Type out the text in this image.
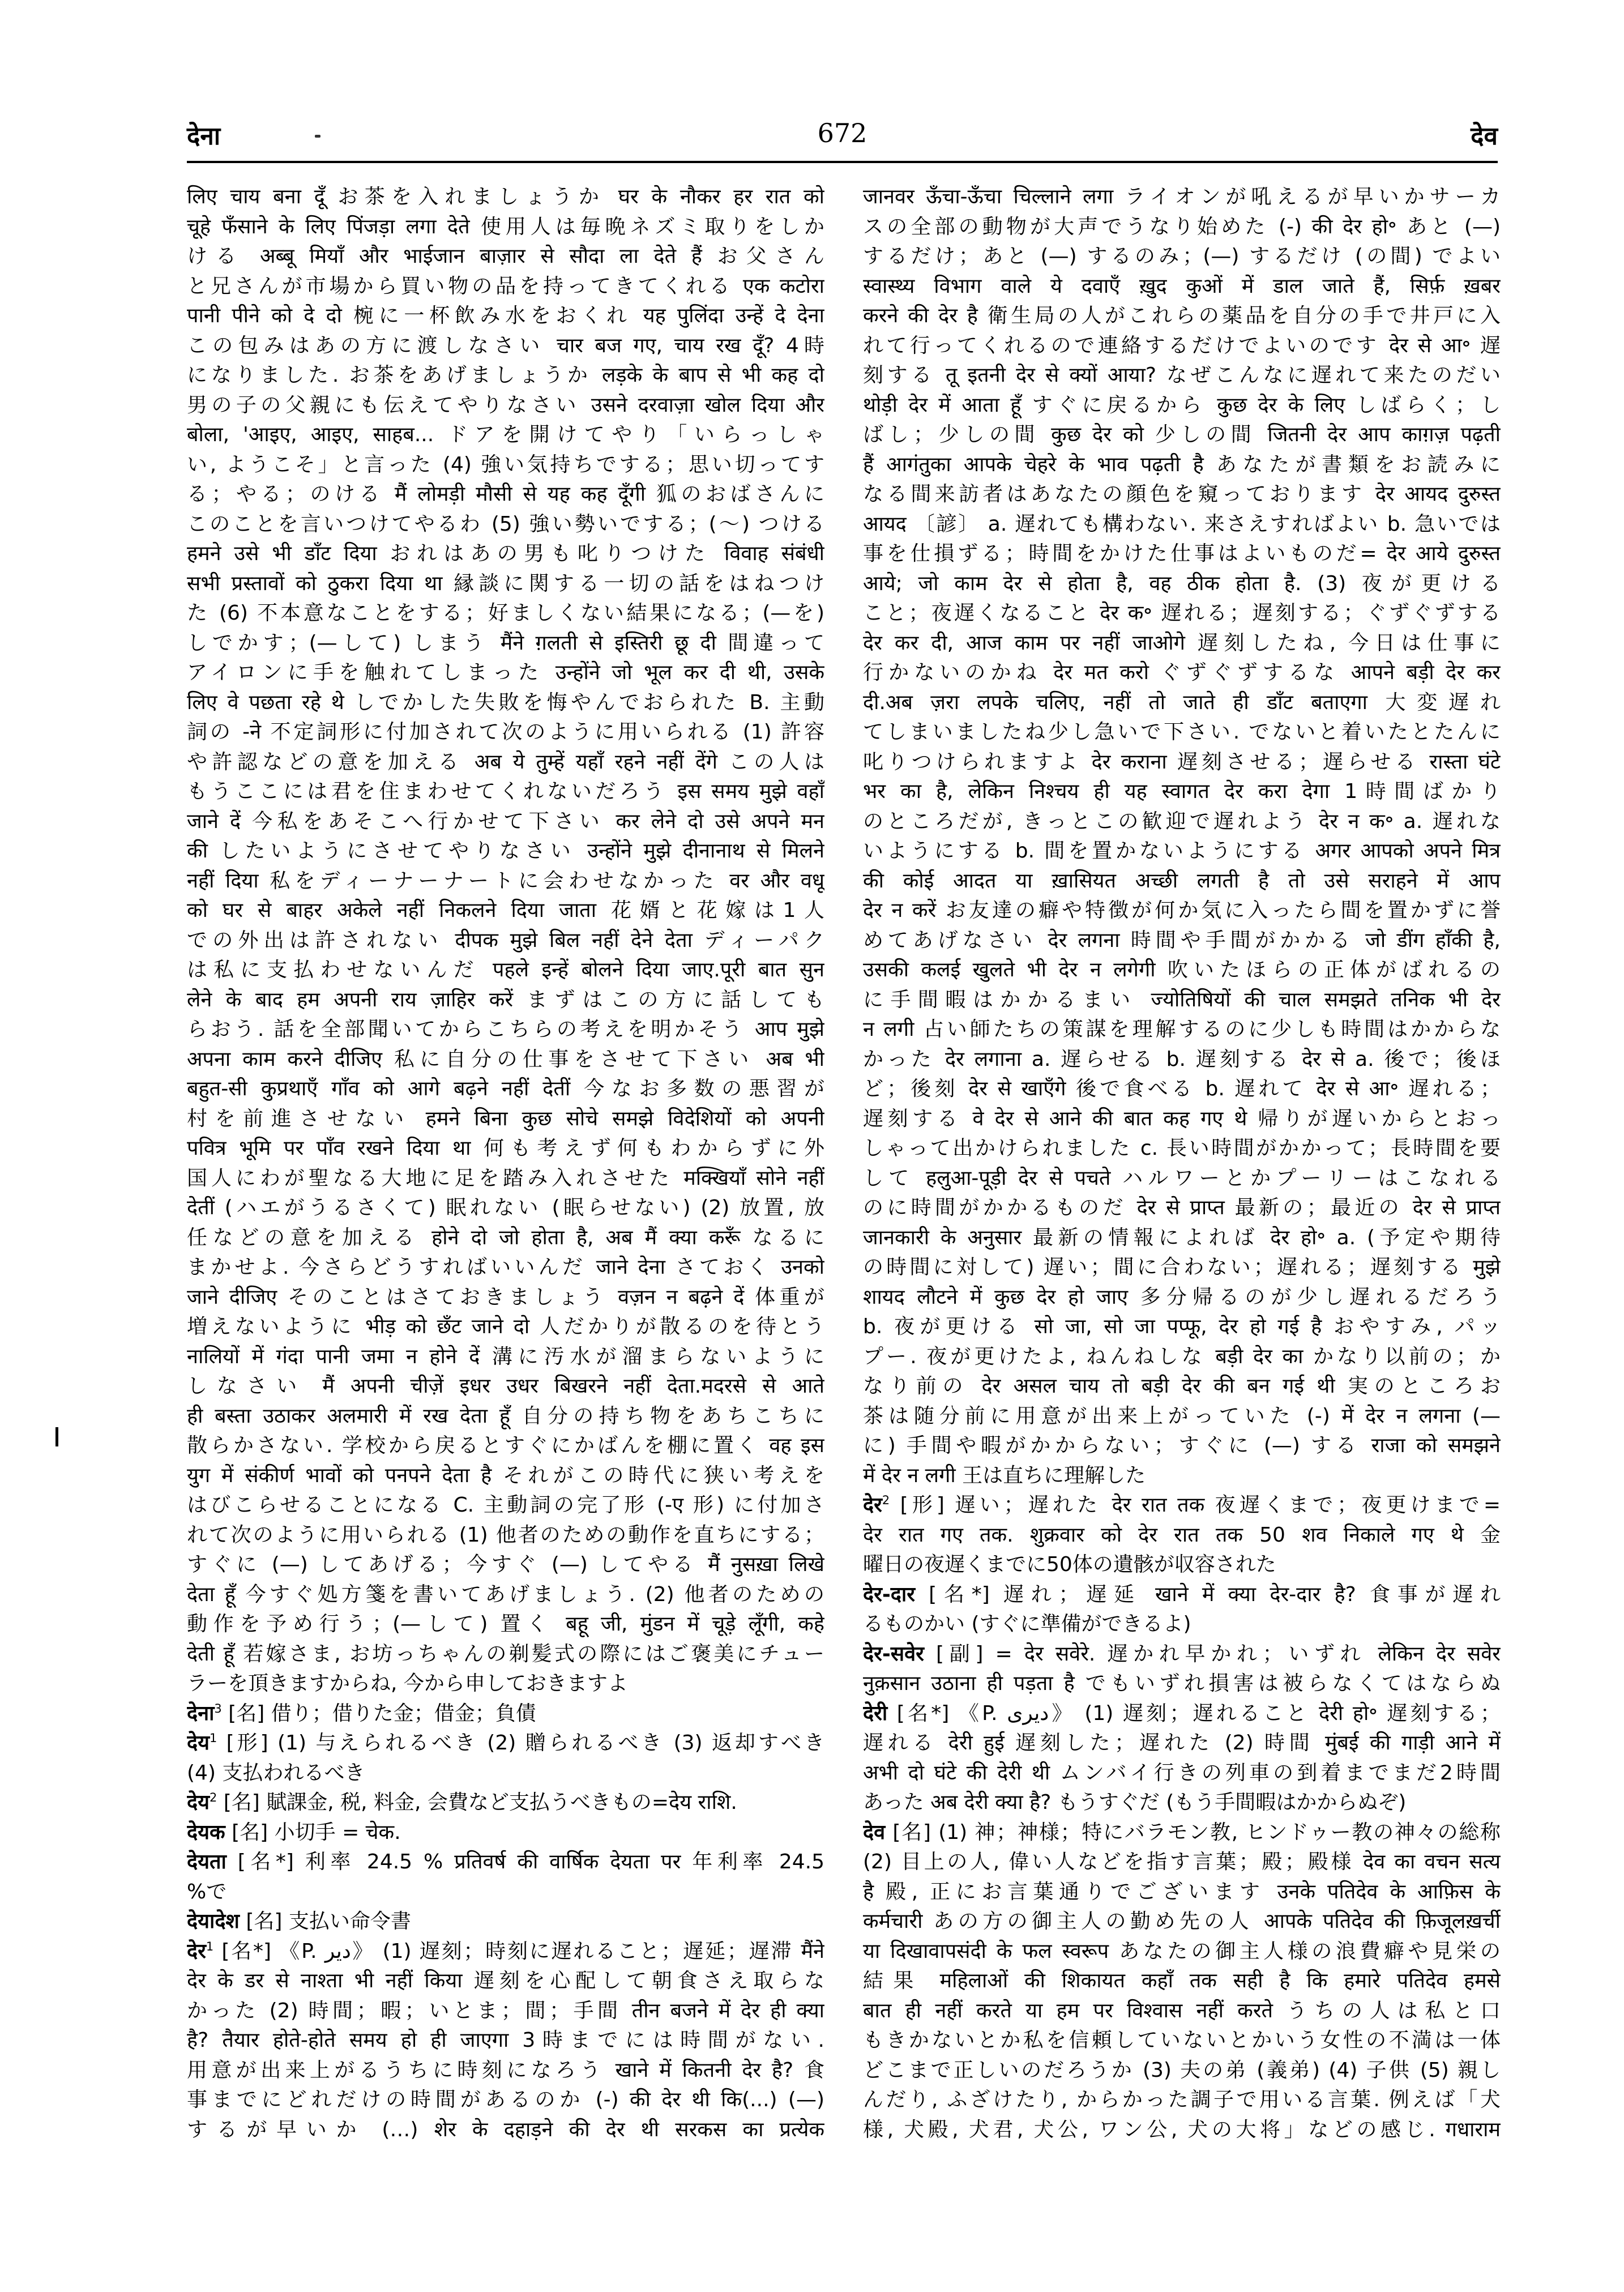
देना	672	देव
लिए चाय बना दूँ お茶を入れましょうか घर के नौकर हर रात को
चूहे फँसाने के लिए पिंजड़ा लगा देते 使用人は毎晩ネズミ取りをしか
ける अब्बू मियाँ और भाईजान बाज़ार से सौदा ला देते हैं お父さん
と兄さんが市場から買い物の品を持ってきてくれる एक कटोरा
पानी पीने को दे दो 椀に一杯飲み水をおくれ यह पुलिंदा उन्हें दे देना
この包みはあの方に渡しなさい चार बज गए, चाय रख दूँ? 4時
になりました. お茶をあげましょうか लड़के के बाप से भी कह दो
男の子の父親にも伝えてやりなさい उसने दरवाज़ा खोल दिया और
बोला, 'आइए, आइए, साहब... ドアを開けてやり「いらっしゃ
い, ようこそ」と言った (4) 強い気持ちでする；思い切ってす
る；やる；のける मैं लोमड़ी मौसी से यह कह दूँगी 狐のおばさんに
このことを言いつけてやるわ (5) 強い勢いでする；(〜) つける
हमने उसे भी डाँट दिया おれはあの男も叱りつけた विवाह संबंधी
सभी प्रस्तावों को ठुकरा दिया था 縁談に関する一切の話をはねつけ
た (6) 不本意なことをする；好ましくない結果になる；(—を)
しでかす；(—して) しまう मैंने ग़लती से इस्तिरी छू दी 間違って
アイロンに手を触れてしまった उन्होंने जो भूल कर दी थी, उसके
लिए वे पछता रहे थे しでかした失敗を悔やんでおられた B. 主動
詞の -ने 不定詞形に付加されて次のように用いられる (1) 許容
や許認などの意を加える अब ये तुम्हें यहाँ रहने नहीं देंगे この人は
もうここには君を住まわせてくれないだろう इस समय मुझे वहाँ
जाने दें 今私をあそこへ行かせて下さい कर लेने दो उसे अपने मन
की したいようにさせてやりなさい उन्होंने मुझे दीनानाथ से मिलने
नहीं दिया 私をディーナーナートに会わせなかった वर और वधू
को घर से बाहर अकेले नहीं निकलने दिया जाता 花婿と花嫁は1人
での外出は許されない दीपक मुझे बिल नहीं देने देता ディーパク
は私に支払わせないんだ पहले इन्हें बोलने दिया जाए.पूरी बात सुन
लेने के बाद हम अपनी राय ज़ाहिर करें まずはこの方に話しても
らおう. 話を全部聞いてからこちらの考えを明かそう आप मुझे
अपना काम करने दीजिए 私に自分の仕事をさせて下さい अब भी
बहुत-सी कुप्रथाएँ गाँव को आगे बढ़ने नहीं देतीं 今なお多数の悪習が
村を前進させない हमने बिना कुछ सोचे समझे विदेशियों को अपनी
पवित्र भूमि पर पाँव रखने दिया था 何も考えず何もわからずに外
国人にわが聖なる大地に足を踏み入れさせた मक्खियाँ सोने नहीं
देतीं (ハエがうるさくて) 眠れない (眠らせない) (2) 放置, 放
任などの意を加える होने दो जो होता है, अब मैं क्या करूँ なるに
まかせよ. 今さらどうすればいいんだ जाने देना さておく उनको
जाने दीजिए そのことはさておきましょう वज़न न बढ़ने दें 体重が
増えないように भीड़ को छँट जाने दो 人だかりが散るのを待とう
नालियों में गंदा पानी जमा न होने दें 溝に汚水が溜まらないように
しなさい मैं अपनी चीज़ें इधर उधर बिखरने नहीं देता.मदरसे से आते
ही बस्ता उठाकर अलमारी में रख देता हूँ 自分の持ち物をあちこちに
散らかさない. 学校から戻るとすぐにかばんを棚に置く वह इस
युग में संकीर्ण भावों को पनपने देता है それがこの時代に狭い考えを
はびこらせることになる C. 主動詞の完了形 (-ए 形) に付加さ
れて次のように用いられる (1) 他者のための動作を直ちにする；
すぐに (—) してあげる；今すぐ (—) してやる मैं नुसख़ा लिखे
देता हूँ 今すぐ処方箋を書いてあげましょう. (2) 他者のための
動作を予め行う；(—して) 置く बहू जी, मुंडन में चूड़े लूँगी, कहे
देती हूँ 若嫁さま, お坊っちゃんの剃髪式の際にはご褒美にチュー
ラーを頂きますからね, 今から申しておきますよ
देना$^3$ [名] 借り；借りた金；借金；負債
देय$^1$ [形] (1) 与えられるべき (2) 贈られるべき (3) 返却すべき
(4) 支払われるべき
देय$^2$ [名] 賦課金, 税, 料金, 会費など支払うべきもの=देय राशि.
देयक [名] 小切手 = चेक.
देयता [名*] 利率 24.5 % प्रतिवर्ष की वार्षिक देयता पर 年利率 24.5
%で
देयादेश [名] 支払い命令書
देर$^1$ [名*] 《P. دير》 (1) 遅刻；時刻に遅れること；遅延；遅滞 मैंने
देर के डर से नाश्ता भी नहीं किया 遅刻を心配して朝食さえ取らな
かった (2) 時間；暇；いとま；間；手間 तीन बजने में देर ही क्या
है? तैयार होते-होते समय हो ही जाएगा 3時までには時間がない.
用意が出来上がるうちに時刻になろう खाने में कितनी देर है? 食
事までにどれだけの時間があるのか (-) की देर थी कि(...) (—)
するが早いか (…) शेर के दहाड़ने की देर थी सरकस का प्रत्येक
जानवर ऊँचा-ऊँचा चिल्लाने लगा ライオンが吼えるが早いかサーカ
スの全部の動物が大声でうなり始めた (-) की देर हो॰ あと (—)
するだけ；あと (—) するのみ；(—) するだけ (の間) でよい
स्वास्थ्य विभाग वाले ये दवाएँ ख़ुद कुओं में डाल जाते हैं, सिर्फ़ ख़बर
करने की देर है 衛生局の人がこれらの薬品を自分の手で井戸に入
れて行ってくれるので連絡するだけでよいのです देर से आ॰ 遅
刻する तू इतनी देर से क्यों आया? なぜこんなに遅れて来たのだい
थोड़ी देर में आता हूँ すぐに戻るから कुछ देर के लिए しばらく；し
ばし；少しの間 कुछ देर को 少しの間 जितनी देर आप काग़ज़ पढ़ती
हैं आगंतुका आपके चेहरे के भाव पढ़ती है あなたが書類をお読みに
なる間来訪者はあなたの顔色を窺っております देर आयद दुरुस्त
आयद 〔諺〕 a. 遅れても構わない. 来さえすればよい b. 急いでは
事を仕損ずる；時間をかけた仕事はよいものだ= देर आये दुरुस्त
आये; जो काम देर से होता है, वह ठीक होता है. (3) 夜が更ける
こと；夜遅くなること देर क॰ 遅れる；遅刻する；ぐずぐずする
देर कर दी, आज काम पर नहीं जाओगे 遅刻したね, 今日は仕事に
行かないのかね देर मत करो ぐずぐずするな आपने बड़ी देर कर
दी.अब ज़रा लपके चलिए, नहीं तो जाते ही डाँट बताएगा 大変遅れ
てしまいましたね少し急いで下さい. でないと着いたとたんに
叱りつけられますよ देर कराना 遅刻させる；遅らせる रास्ता घंटे
भर का है, लेकिन निश्चय ही यह स्वागत देर करा देगा 1時間ばかり
のところだが, きっとこの歓迎で遅れよう देर न क॰ a. 遅れな
いようにする b. 間を置かないようにする अगर आपको अपने मित्र
की कोई आदत या ख़ासियत अच्छी लगती है तो उसे सराहने में आप
देर न करें お友達の癖や特徴が何か気に入ったら間を置かずに誉
めてあげなさい देर लगना 時間や手間がかかる जो डींग हाँकी है,
उसकी कलई खुलते भी देर न लगेगी 吹いたほらの正体がばれるの
に手間暇はかかるまい ज्योतिषियों की चाल समझते तनिक भी देर
न लगी 占い師たちの策謀を理解するのに少しも時間はかからな
かった देर लगाना a. 遅らせる b. 遅刻する देर से a. 後で；後ほ
ど；後刻 देर से खाएँगे 後で食べる b. 遅れて देर से आ॰ 遅れる；
遅刻する वे देर से आने की बात कह गए थे 帰りが遅いからとおっ
しゃって出かけられました c. 長い時間がかかって；長時間を要
して हलुआ-पूड़ी देर से पचते ハルワーとかプーリーはこなれる
のに時間がかかるものだ देर से प्राप्त 最新の；最近の देर से प्राप्त
जानकारी के अनुसार 最新の情報によれば देर हो॰ a. (予定や期待
の時間に対して) 遅い；間に合わない；遅れる；遅刻する मुझे
शायद लौटने में कुछ देर हो जाए 多分帰るのが少し遅れるだろう
b. 夜が更ける सो जा, सो जा पप्फू, देर हो गई है おやすみ, パッ
プー. 夜が更けたよ, ねんねしな बड़ी देर का かなり以前の；か
なり前の देर असल चाय तो बड़ी देर की बन गई थी 実のところお
茶は随分前に用意が出来上がっていた (-) में देर न लगना (—
に) 手間や暇がかからない；すぐに (—) する राजा को समझने
में देर न लगी 王は直ちに理解した
देर$^2$ [形] 遅い；遅れた देर रात तक 夜遅くまで；夜更けまで=
देर रात गए तक. शुक्रवार को देर रात तक 50 शव निकाले गए थे 金
曜日の夜遅くまでに50体の遺骸が収容された
देर-दार [名*] 遅れ；遅延 खाने में क्या देर-दार है? 食事が遅れ
るものかい (すぐに準備ができるよ)
देर-सवेर [副] = देर सवेरे. 遅かれ早かれ；いずれ लेकिन देर सवेर
नुक़सान उठाना ही पड़ता है でもいずれ損害は被らなくてはならぬ
देरी [名*] 《P. ديرى》 (1) 遅刻；遅れること देरी हो॰ 遅刻する；
遅れる देरी हुई 遅刻した；遅れた (2) 時間 मुंबई की गाड़ी आने में
अभी दो घंटे की देरी थी ムンバイ行きの列車の到着までまだ2時間
あった अब देरी क्या है? もうすぐだ (もう手間暇はかからぬぞ)
देव [名] (1) 神；神様；特にバラモン教, ヒンドゥー教の神々の総称
(2) 目上の人, 偉い人などを指す言葉；殿；殿様 देव का वचन सत्य
है 殿, 正にお言葉通りでございます उनके पतिदेव के आफ़िस के
कर्मचारी あの方の御主人の勤め先の人 आपके पतिदेव की फ़िजूलख़र्ची
या दिखावापसंदी के फल स्वरूप あなたの御主人様の浪費癖や見栄の
結果 महिलाओं की शिकायत कहाँ तक सही है कि हमारे पतिदेव हमसे
बात ही नहीं करते या हम पर विश्वास नहीं करते うちの人は私と口
もきかないとか私を信頼していないとかいう女性の不満は一体
どこまで正しいのだろうか (3) 夫の弟 (義弟) (4) 子供 (5) 親し
んだり, ふざけたり, からかった調子で用いる言葉. 例えば「犬
様, 犬殿, 犬君, 犬公, ワン公, 犬の大将」などの感じ. गधाराम
